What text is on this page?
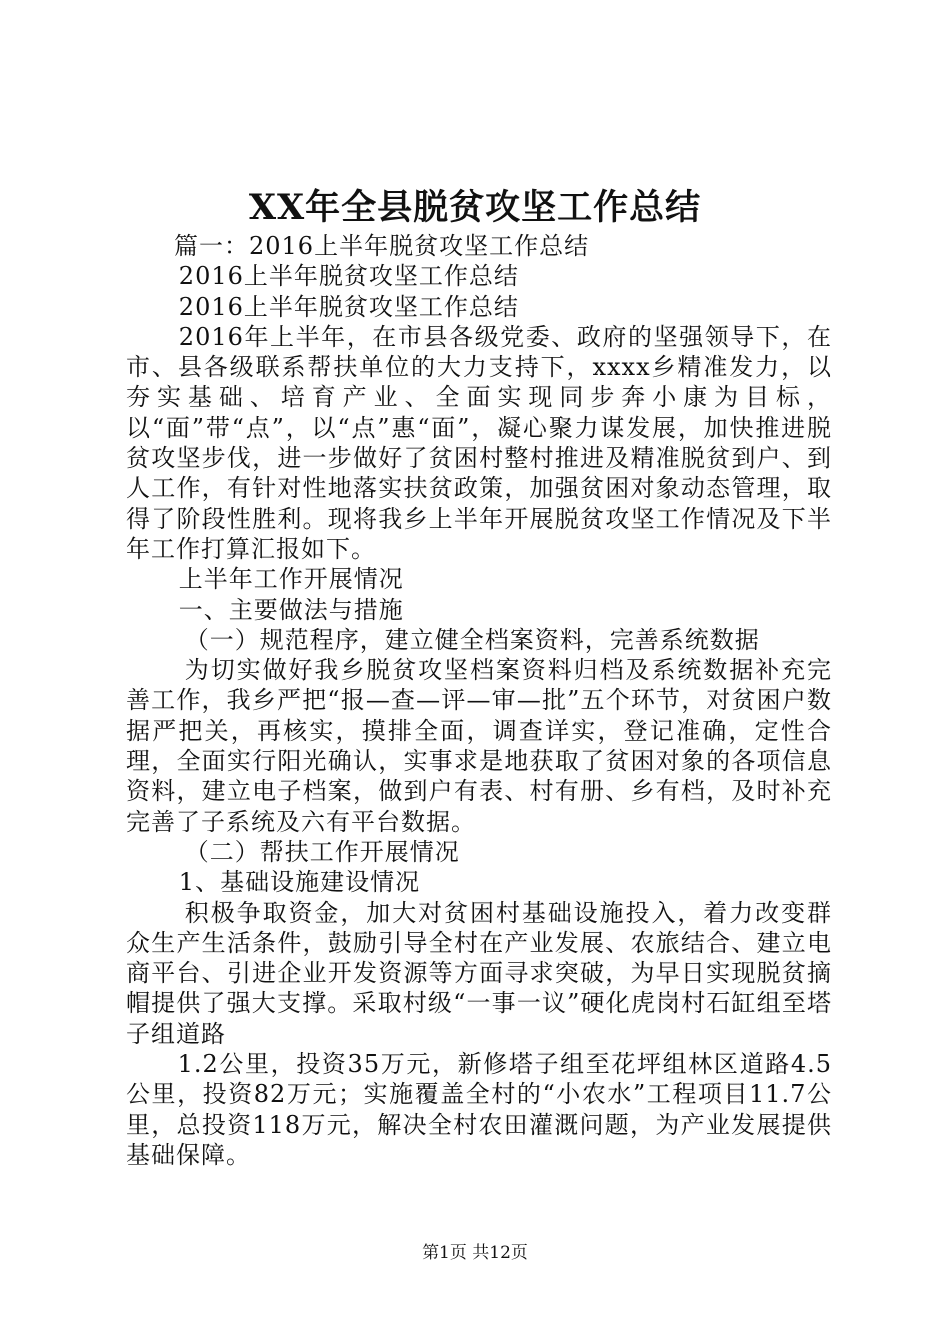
XX年全县脱贫攻坚工作总结

篇一：2016上半年脱贫攻坚工作总结

2016上半年脱贫攻坚工作总结

2016上半年脱贫攻坚工作总结

2016年上半年，在市县各级党委、政府的坚强领导下，在市、县各级联系帮扶单位的大力支持下，xxxx乡精准发力，以夯实基础、培育产业、全面实现同步奔小康为目标，以“面”带“点”，以“点”惠“面”，凝心聚力谋发展，加快推进脱贫攻坚步伐，进一步做好了贫困村整村推进及精准脱贫到户、到人工作，有针对性地落实扶贫政策，加强贫困对象动态管理，取得了阶段性胜利。现将我乡上半年开展脱贫攻坚工作情况及下半年工作打算汇报如下。

上半年工作开展情况

一、主要做法与措施

（一）规范程序，建立健全档案资料，完善系统数据

为切实做好我乡脱贫攻坚档案资料归档及系统数据补充完善工作，我乡严把“报—查—评—审—批”五个环节，对贫困户数据严把关，再核实，摸排全面，调查详实，登记准确，定性合理，全面实行阳光确认，实事求是地获取了贫困对象的各项信息资料，建立电子档案，做到户有表、村有册、乡有档，及时补充完善了子系统及六有平台数据。

（二）帮扶工作开展情况

1、基础设施建设情况

积极争取资金，加大对贫困村基础设施投入，着力改变群众生产生活条件，鼓励引导全村在产业发展、农旅结合、建立电商平台、引进企业开发资源等方面寻求突破，为早日实现脱贫摘帽提供了强大支撑。采取村级“一事一议”硬化虎岗村石缸组至塔子组道路

1.2公里，投资35万元，新修塔子组至花坪组林区道路4.5公里，投资82万元；实施覆盖全村的“小农水”工程项目11.7公里，总投资118万元，解决全村农田灌溉问题，为产业发展提供基础保障。

第1页 共12页
